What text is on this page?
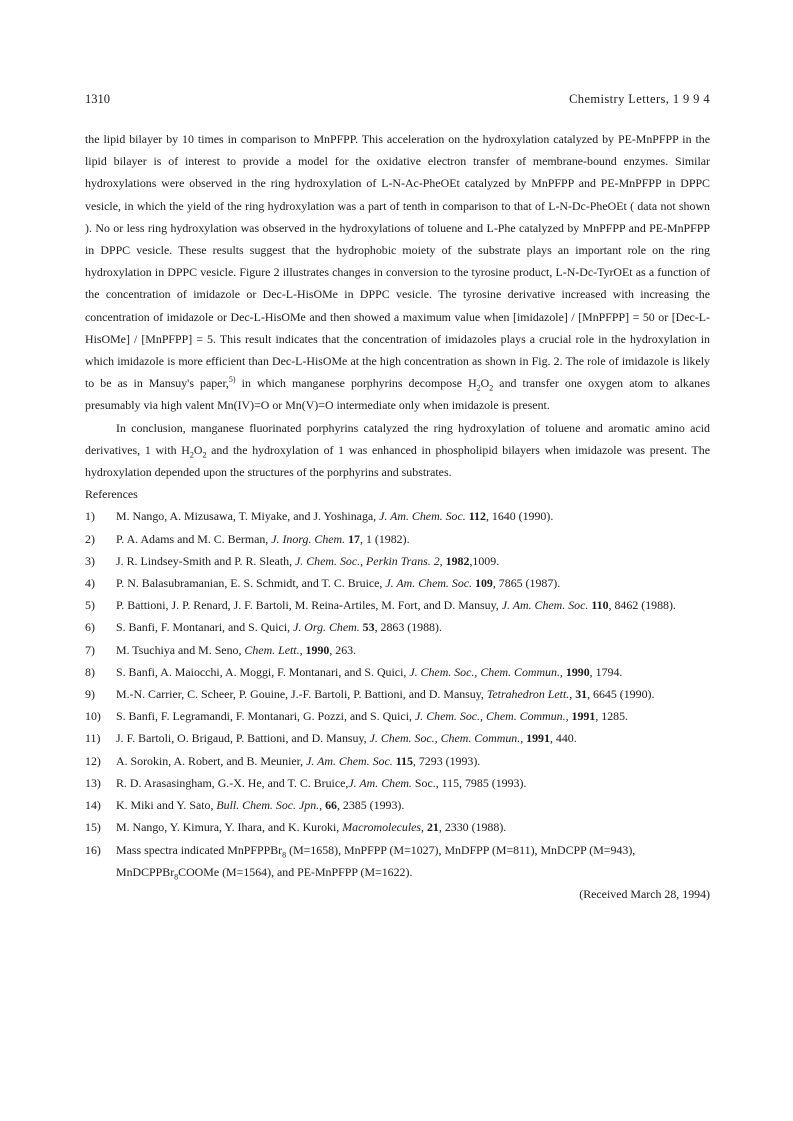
1310	Chemistry Letters, 1 9 9 4

the lipid bilayer by 10 times in comparison to MnPFPP. This acceleration on the hydroxylation catalyzed by PE-MnPFPP in the lipid bilayer is of interest to provide a model for the oxidative electron transfer of membrane-bound enzymes. Similar hydroxylations were observed in the ring hydroxylation of L-N-Ac-PheOEt catalyzed by MnPFPP and PE-MnPFPP in DPPC vesicle, in which the yield of the ring hydroxylation was a part of tenth in comparison to that of L-N-Dc-PheOEt ( data not shown ). No or less ring hydroxylation was observed in the hydroxylations of toluene and L-Phe catalyzed by MnPFPP and PE-MnPFPP in DPPC vesicle. These results suggest that the hydrophobic moiety of the substrate plays an important role on the ring hydroxylation in DPPC vesicle. Figure 2 illustrates changes in conversion to the tyrosine product, L-N-Dc-TyrOEt as a function of the concentration of imidazole or Dec-L-HisOMe in DPPC vesicle. The tyrosine derivative increased with increasing the concentration of imidazole or Dec-L-HisOMe and then showed a maximum value when [imidazole] / [MnPFPP] = 50 or [Dec-L-HisOMe] / [MnPFPP] = 5. This result indicates that the concentration of imidazoles plays a crucial role in the hydroxylation in which imidazole is more efficient than Dec-L-HisOMe at the high concentration as shown in Fig. 2. The role of imidazole is likely to be as in Mansuy's paper,$^{5)}$ in which manganese porphyrins decompose $H_2O_2$ and transfer one oxygen atom to alkanes presumably via high valent Mn(IV)=O or Mn(V)=O intermediate only when imidazole is present.

In conclusion, manganese fluorinated porphyrins catalyzed the ring hydroxylation of toluene and aromatic amino acid derivatives, 1 with $H_2O_2$ and the hydroxylation of 1 was enhanced in phospholipid bilayers when imidazole was present. The hydroxylation depended upon the structures of the porphyrins and substrates.

References

1) M. Nango, A. Mizusawa, T. Miyake, and J. Yoshinaga, J. Am. Chem. Soc. 112, 1640 (1990).
2) P. A. Adams and M. C. Berman, J. Inorg. Chem. 17, 1 (1982).
3) J. R. Lindsey-Smith and P. R. Sleath, J. Chem. Soc., Perkin Trans. 2, 1982,1009.
4) P. N. Balasubramanian, E. S. Schmidt, and T. C. Bruice, J. Am. Chem. Soc. 109, 7865 (1987).
5) P. Battioni, J. P. Renard, J. F. Bartoli, M. Reina-Artiles, M. Fort, and D. Mansuy, J. Am. Chem. Soc. 110, 8462 (1988).
6) S. Banfi, F. Montanari, and S. Quici, J. Org. Chem. 53, 2863 (1988).
7) M. Tsuchiya and M. Seno, Chem. Lett., 1990, 263.
8) S. Banfi, A. Maiocchi, A. Moggi, F. Montanari, and S. Quici, J. Chem. Soc., Chem. Commun., 1990, 1794.
9) M.-N. Carrier, C. Scheer, P. Gouine, J.-F. Bartoli, P. Battioni, and D. Mansuy, Tetrahedron Lett., 31, 6645 (1990).
10) S. Banfi, F. Legramandi, F. Montanari, G. Pozzi, and S. Quici, J. Chem. Soc., Chem. Commun., 1991, 1285.
11) J. F. Bartoli, O. Brigaud, P. Battioni, and D. Mansuy, J. Chem. Soc., Chem. Commun., 1991, 440.
12) A. Sorokin, A. Robert, and B. Meunier, J. Am. Chem. Soc. 115, 7293 (1993).
13) R. D. Arasasingham, G.-X. He, and T. C. Bruice,J. Am. Chem. Soc., 115, 7985 (1993).
14) K. Miki and Y. Sato, Bull. Chem. Soc. Jpn., 66, 2385 (1993).
15) M. Nango, Y. Kimura, Y. Ihara, and K. Kuroki, Macromolecules, 21, 2330 (1988).
16) Mass spectra indicated MnPFPPBr$_8$ (M=1658), MnPFPP (M=1027), MnDFPP (M=811), MnDCPP (M=943), MnDCPPBr$_8$COOMe (M=1564), and PE-MnPFPP (M=1622).

(Received March 28, 1994)
